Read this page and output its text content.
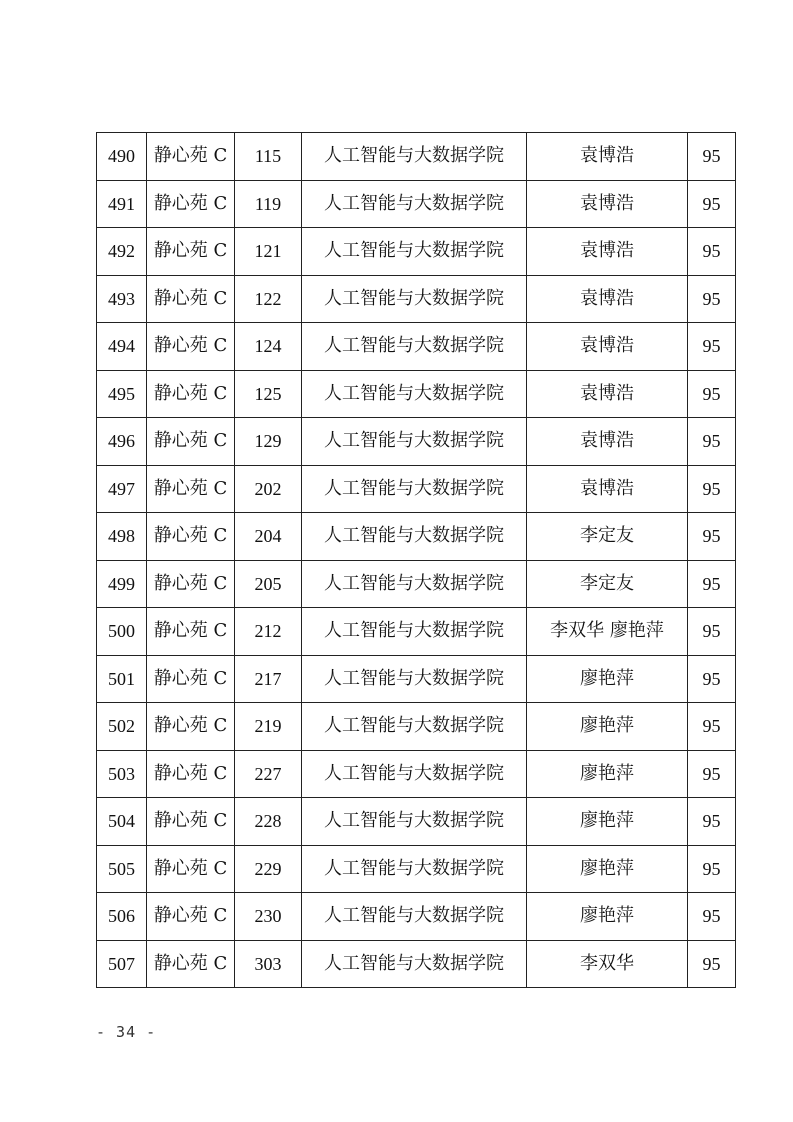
490	静心苑 C	115	人工智能与大数据学院	袁博浩	95
491	静心苑 C	119	人工智能与大数据学院	袁博浩	95
492	静心苑 C	121	人工智能与大数据学院	袁博浩	95
493	静心苑 C	122	人工智能与大数据学院	袁博浩	95
494	静心苑 C	124	人工智能与大数据学院	袁博浩	95
495	静心苑 C	125	人工智能与大数据学院	袁博浩	95
496	静心苑 C	129	人工智能与大数据学院	袁博浩	95
497	静心苑 C	202	人工智能与大数据学院	袁博浩	95
498	静心苑 C	204	人工智能与大数据学院	李定友	95
499	静心苑 C	205	人工智能与大数据学院	李定友	95
500	静心苑 C	212	人工智能与大数据学院	李双华 廖艳萍	95
501	静心苑 C	217	人工智能与大数据学院	廖艳萍	95
502	静心苑 C	219	人工智能与大数据学院	廖艳萍	95
503	静心苑 C	227	人工智能与大数据学院	廖艳萍	95
504	静心苑 C	228	人工智能与大数据学院	廖艳萍	95
505	静心苑 C	229	人工智能与大数据学院	廖艳萍	95
506	静心苑 C	230	人工智能与大数据学院	廖艳萍	95
507	静心苑 C	303	人工智能与大数据学院	李双华	95
- 34 -
